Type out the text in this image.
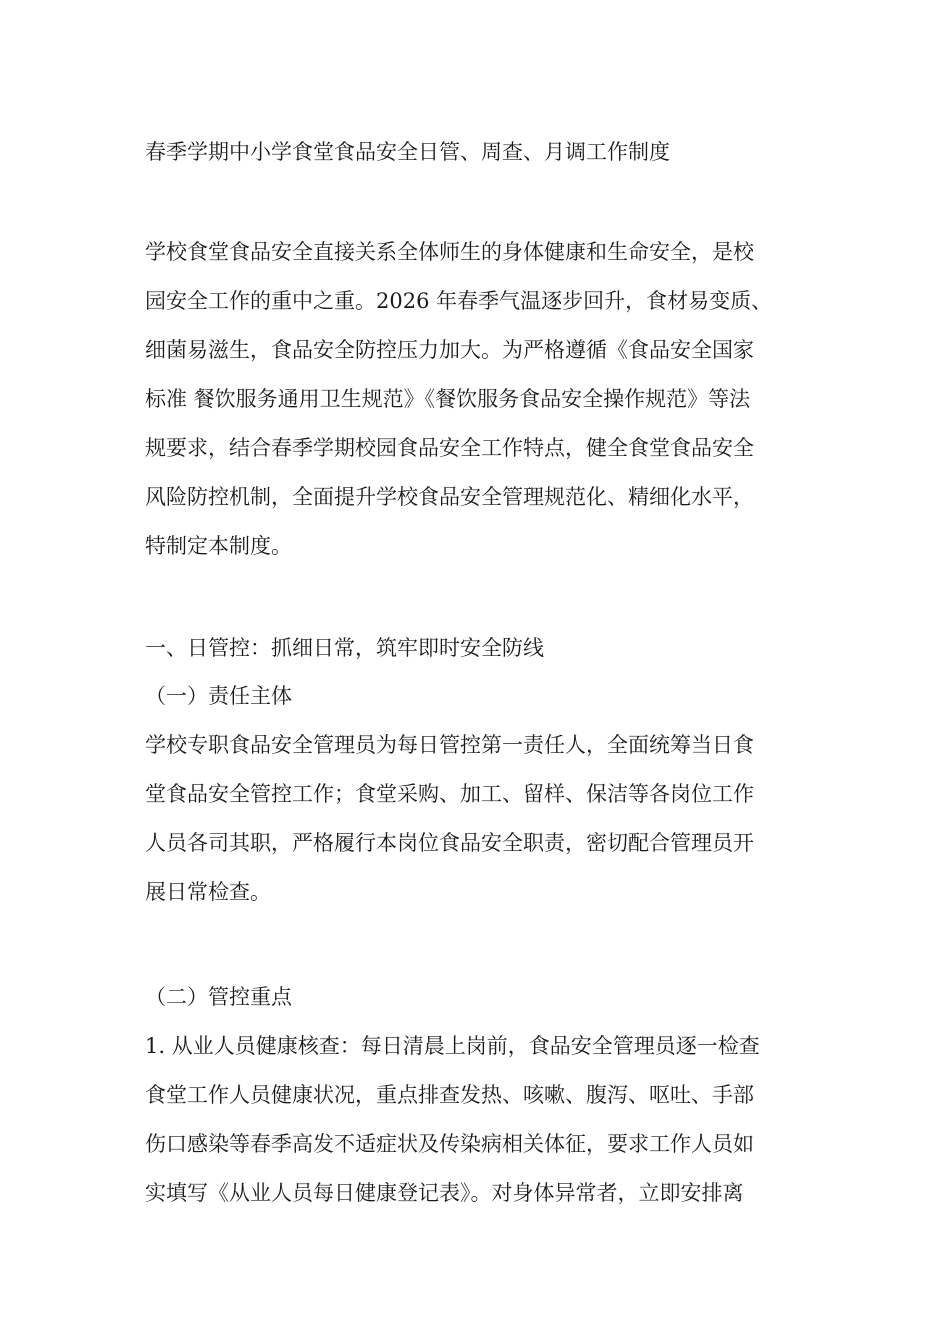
春季学期中小学食堂食品安全日管、周查、月调工作制度
学校食堂食品安全直接关系全体师生的身体健康和生命安全，是校
园安全工作的重中之重。2026 年春季气温逐步回升，食材易变质、
细菌易滋生，食品安全防控压力加大。为严格遵循《食品安全国家
标准 餐饮服务通用卫生规范》《餐饮服务食品安全操作规范》等法
规要求，结合春季学期校园食品安全工作特点，健全食堂食品安全
风险防控机制，全面提升学校食品安全管理规范化、精细化水平，
特制定本制度。
一、日管控：抓细日常，筑牢即时安全防线
（一）责任主体
学校专职食品安全管理员为每日管控第一责任人，全面统筹当日食
堂食品安全管控工作；食堂采购、加工、留样、保洁等各岗位工作
人员各司其职，严格履行本岗位食品安全职责，密切配合管理员开
展日常检查。
（二）管控重点
1. 从业人员健康核查：每日清晨上岗前，食品安全管理员逐一检查
食堂工作人员健康状况，重点排查发热、咳嗽、腹泻、呕吐、手部
伤口感染等春季高发不适症状及传染病相关体征，要求工作人员如
实填写《从业人员每日健康登记表》。对身体异常者，立即安排离
